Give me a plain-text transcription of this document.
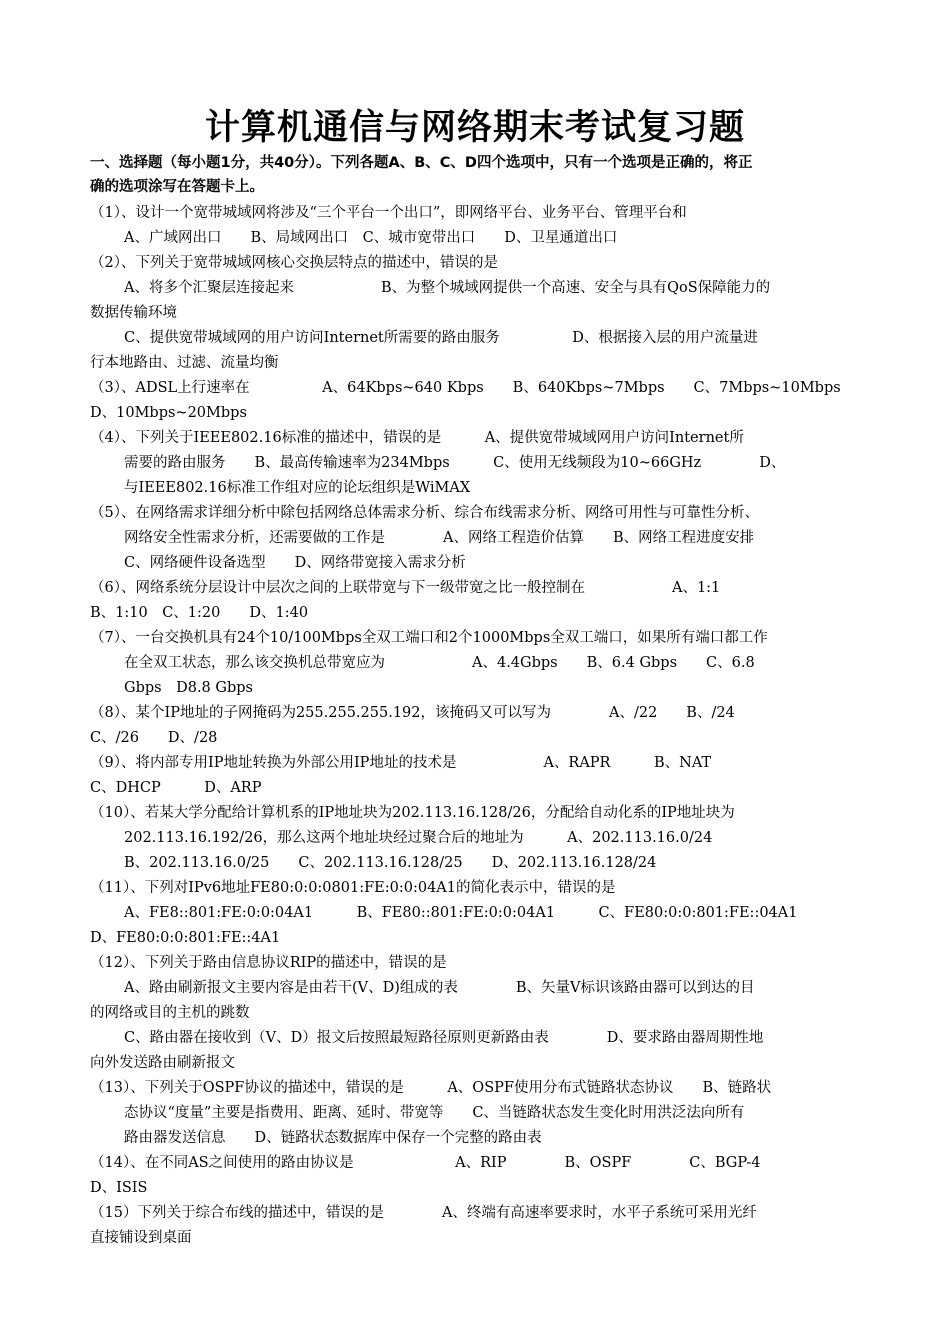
计算机通信与网络期末考试复习题
一、选择题（每小题1分，共40分）。下列各题A、B、C、D四个选项中，只有一个选项是正确的，将正
确的选项涂写在答题卡上。
（1）、设计一个宽带城域网将涉及“三个平台一个出口”，即网络平台、业务平台、管理平台和
A、广域网出口　　B、局域网出口　C、城市宽带出口　　D、卫星通道出口
（2）、下列关于宽带城域网核心交换层特点的描述中，错误的是
A、将多个汇聚层连接起来　　　　　　B、为整个城域网提供一个高速、安全与具有QoS保障能力的
数据传输环境
C、提供宽带城域网的用户访问Internet所需要的路由服务　　　　　D、根据接入层的用户流量进
行本地路由、过滤、流量均衡
（3）、ADSL上行速率在　　　　　A、64Kbps~640 Kbps　　B、640Kbps~7Mbps　　C、7Mbps~10Mbps
D、10Mbps~20Mbps
（4）、下列关于IEEE802.16标准的描述中，错误的是　　　A、提供宽带城域网用户访问Internet所
需要的路由服务　　B、最高传输速率为234Mbps　　　C、使用无线频段为10~66GHz　　　　D、
与IEEE802.16标准工作组对应的论坛组织是WiMAX
（5）、在网络需求详细分析中除包括网络总体需求分析、综合布线需求分析、网络可用性与可靠性分析、
网络安全性需求分析，还需要做的工作是　　　　A、网络工程造价估算　　B、网络工程进度安排
C、网络硬件设备选型　　D、网络带宽接入需求分析
（6）、网络系统分层设计中层次之间的上联带宽与下一级带宽之比一般控制在　　　　　　A、1:1
B、1:10　C、1:20　　D、1:40
（7）、一台交换机具有24个10/100Mbps全双工端口和2个1000Mbps全双工端口，如果所有端口都工作
在全双工状态，那么该交换机总带宽应为　　　　　　A、4.4Gbps　　B、6.4 Gbps　　C、6.8
Gbps　D8.8 Gbps
（8）、某个IP地址的子网掩码为255.255.255.192，该掩码又可以写为　　　　A、/22　　B、/24
C、/26　　D、/28
（9）、将内部专用IP地址转换为外部公用IP地址的技术是　　　　　　A、RAPR　　　B、NAT
C、DHCP　　　D、ARP
（10）、若某大学分配给计算机系的IP地址块为202.113.16.128/26，分配给自动化系的IP地址块为
202.113.16.192/26，那么这两个地址块经过聚合后的地址为　　　A、202.113.16.0/24
B、202.113.16.0/25　　C、202.113.16.128/25　　D、202.113.16.128/24
（11）、下列对IPv6地址FE80:0:0:0801:FE:0:0:04A1的简化表示中，错误的是
A、FE8::801:FE:0:0:04A1　　　B、FE80::801:FE:0:0:04A1　　　C、FE80:0:0:801:FE::04A1
D、FE80:0:0:801:FE::4A1
（12）、下列关于路由信息协议RIP的描述中，错误的是
A、路由刷新报文主要内容是由若干(V、D)组成的表　　　　B、矢量V标识该路由器可以到达的目
的网络或目的主机的跳数
C、路由器在接收到（V、D）报文后按照最短路径原则更新路由表　　　　D、要求路由器周期性地
向外发送路由刷新报文
（13）、下列关于OSPF协议的描述中，错误的是　　　A、OSPF使用分布式链路状态协议　　B、链路状
态协议“度量”主要是指费用、距离、延时、带宽等　　C、当链路状态发生变化时用洪泛法向所有
路由器发送信息　　D、链路状态数据库中保存一个完整的路由表
（14）、在不同AS之间使用的路由协议是　　　　　　　A、RIP　　　　B、OSPF　　　　C、BGP-4
D、ISIS
（15）下列关于综合布线的描述中，错误的是　　　　A、终端有高速率要求时，水平子系统可采用光纤
直接铺设到桌面
